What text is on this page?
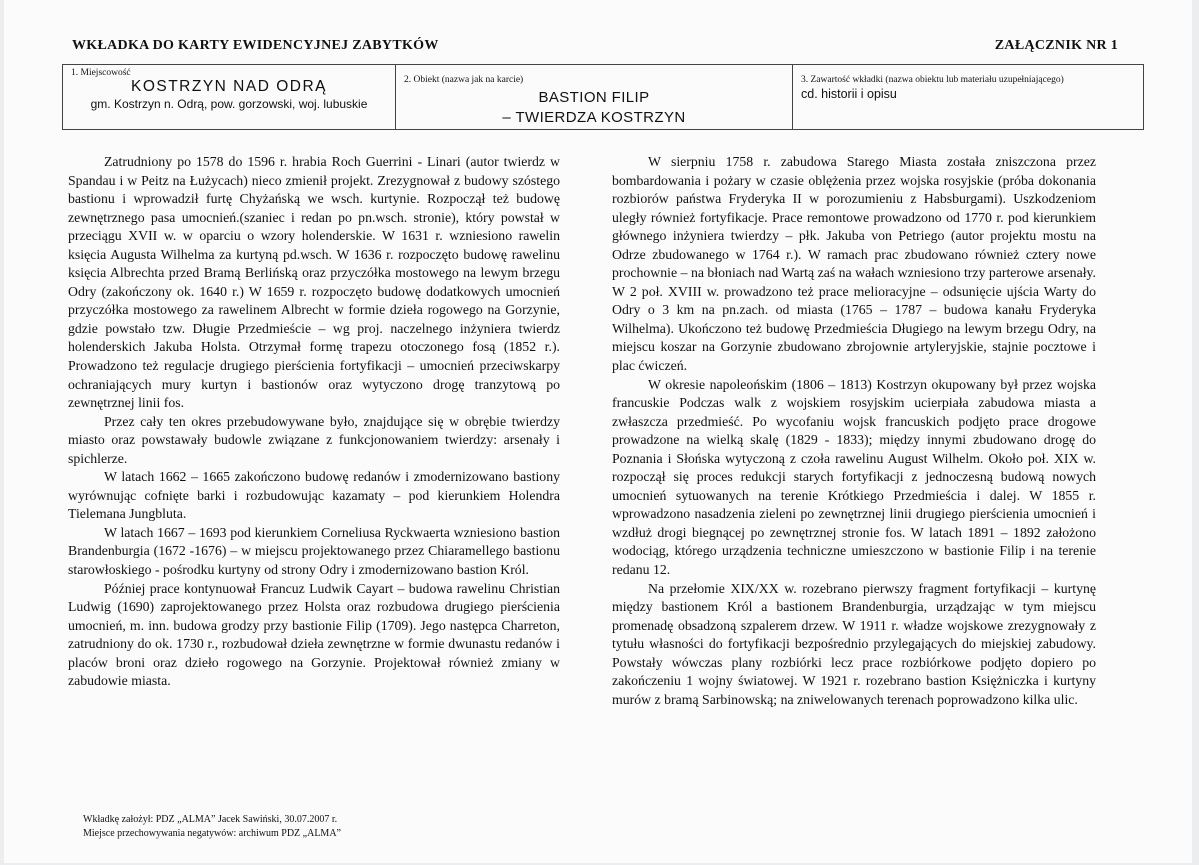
WKŁADKA DO KARTY EWIDENCYJNEJ ZABYTKÓW	ZAŁĄCZNIK NR 1
1. Miejscowość
KOSTRZYN NAD ODRĄ
gm. Kostrzyn n. Odrą, pow. gorzowski, woj. lubuskie
2. Obiekt (nazwa jak na karcie)
BASTION FILIP
– TWIERDZA KOSTRZYN
3. Zawartość wkładki (nazwa obiektu lub materiału uzupełniającego)
cd. historii i opisu

Zatrudniony po 1578 do 1596 r. hrabia Roch Guerrini - Linari (autor twierdz w Spandau i w Peitz na Łużycach) nieco zmienił projekt. Zrezygnował z budowy szóstego bastionu i wprowadził furtę Chyżańską we wsch. kurtynie. Rozpoczął też budowę zewnętrznego pasa umocnień.(szaniec i redan po pn.wsch. stronie), który powstał w przeciągu XVII w. w oparciu o wzory holenderskie. W 1631 r. wzniesiono rawelin księcia Augusta Wilhelma za kurtyną pd.wsch. W 1636 r. rozpoczęto budowę rawelinu księcia Albrechta przed Bramą Berlińską oraz przyczółka mostowego na lewym brzegu Odry (zakończony ok. 1640 r.) W 1659 r. rozpoczęto budowę dodatkowych umocnień przyczółka mostowego za rawelinem Albrecht w formie dzieła rogowego na Gorzynie, gdzie powstało tzw. Długie Przedmieście – wg proj. naczelnego inżyniera twierdz holenderskich Jakuba Holsta. Otrzymał formę trapezu otoczonego fosą (1852 r.). Prowadzono też regulacje drugiego pierścienia fortyfikacji – umocnień przeciwskarpy ochraniających mury kurtyn i bastionów oraz wytyczono drogę tranzytową po zewnętrznej linii fos.

Przez cały ten okres przebudowywane było, znajdujące się w obrębie twierdzy miasto oraz powstawały budowle związane z funkcjonowaniem twierdzy: arsenały i spichlerze.

W latach 1662 – 1665 zakończono budowę redanów i zmodernizowano bastiony wyrównując cofnięte barki i rozbudowując kazamaty – pod kierunkiem Holendra Tielemana Jungbluta.

W latach 1667 – 1693 pod kierunkiem Corneliusa Ryckwaerta wzniesiono bastion Brandenburgia (1672 -1676) – w miejscu projektowanego przez Chiaramellego bastionu starowłoskiego - pośrodku kurtyny od strony Odry i zmodernizowano bastion Król.

Później prace kontynuował Francuz Ludwik Cayart – budowa rawelinu Christian Ludwig (1690) zaprojektowanego przez Holsta oraz rozbudowa drugiego pierścienia umocnień, m. inn. budowa grodzy przy bastionie Filip (1709). Jego następca Charreton, zatrudniony do ok. 1730 r., rozbudował dzieła zewnętrzne w formie dwunastu redanów i placów broni oraz dzieło rogowego na Gorzynie. Projektował również zmiany w zabudowie miasta.

W sierpniu 1758 r. zabudowa Starego Miasta została zniszczona przez bombardowania i pożary w czasie oblężenia przez wojska rosyjskie (próba dokonania rozbiorów państwa Fryderyka II w porozumieniu z Habsburgami). Uszkodzeniom uległy również fortyfikacje. Prace remontowe prowadzono od 1770 r. pod kierunkiem głównego inżyniera twierdzy – płk. Jakuba von Petriego (autor projektu mostu na Odrze zbudowanego w 1764 r.). W ramach prac zbudowano również cztery nowe prochownie – na błoniach nad Wartą zaś na wałach wzniesiono trzy parterowe arsenały. W 2 poł. XVIII w. prowadzono też prace melioracyjne – odsunięcie ujścia Warty do Odry o 3 km na pn.zach. od miasta (1765 – 1787 – budowa kanału Fryderyka Wilhelma). Ukończono też budowę Przedmieścia Długiego na lewym brzegu Odry, na miejscu koszar na Gorzynie zbudowano zbrojownie artyleryjskie, stajnie pocztowe i plac ćwiczeń.

W okresie napoleońskim (1806 – 1813) Kostrzyn okupowany był przez wojska francuskie Podczas walk z wojskiem rosyjskim ucierpiała zabudowa miasta a zwłaszcza przedmieść. Po wycofaniu wojsk francuskich podjęto prace drogowe prowadzone na wielką skalę (1829 - 1833); między innymi zbudowano drogę do Poznania i Słońska wytyczoną z czoła rawelinu August Wilhelm. Około poł. XIX w. rozpoczął się proces redukcji starych fortyfikacji z jednoczesną budową nowych umocnień sytuowanych na terenie Krótkiego Przedmieścia i dalej. W 1855 r. wprowadzono nasadzenia zieleni po zewnętrznej linii drugiego pierścienia umocnień i wzdłuż drogi biegnącej po zewnętrznej stronie fos. W latach 1891 – 1892 założono wodociąg, którego urządzenia techniczne umieszczono w bastionie Filip i na terenie redanu 12.

Na przełomie XIX/XX w. rozebrano pierwszy fragment fortyfikacji – kurtynę między bastionem Król a bastionem Brandenburgia, urządzając w tym miejscu promenadę obsadzoną szpalerem drzew. W 1911 r. władze wojskowe zrezygnowały z tytułu własności do fortyfikacji bezpośrednio przylegających do miejskiej zabudowy. Powstały wówczas plany rozbiórki lecz prace rozbiórkowe podjęto dopiero po zakończeniu 1 wojny światowej. W 1921 r. rozebrano bastion Księżniczka i kurtyny murów z bramą Sarbinowską; na zniwelowanych terenach poprowadzono kilka ulic.

Wkładkę założył: PDZ „ALMA” Jacek Sawiński, 30.07.2007 r.
Miejsce przechowywania negatywów: archiwum PDZ „ALMA”
